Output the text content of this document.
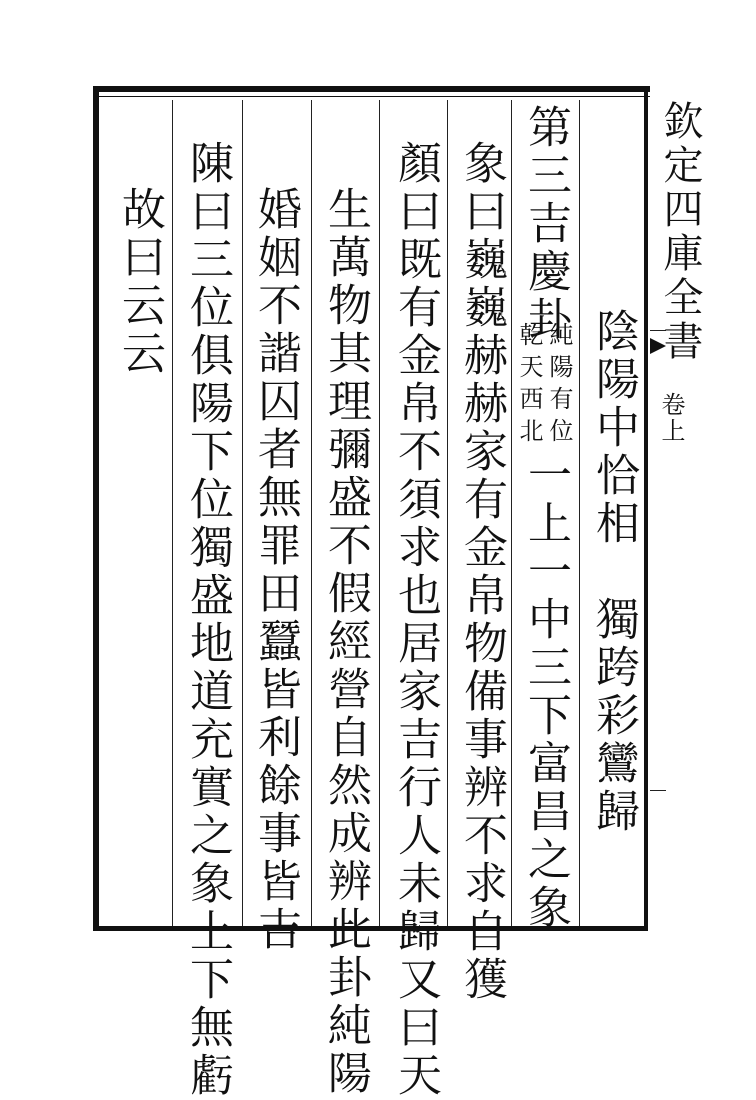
欽定四庫全書
卷上
陰陽中恰相　獨跨彩鸞歸
第三吉慶卦
純陽有位
乾天西北
一上一中三下富昌之象
象曰巍巍赫赫家有金帛物備事辨不求自獲
顏曰既有金帛不須求也居家吉行人未歸又曰天
生萬物其理彌盛不假經營自然成辨此卦純陽
婚姻不諧囚者無罪田蠶皆利餘事皆吉
陳曰三位俱陽下位獨盛地道充實之象上下無虧
故曰云云
